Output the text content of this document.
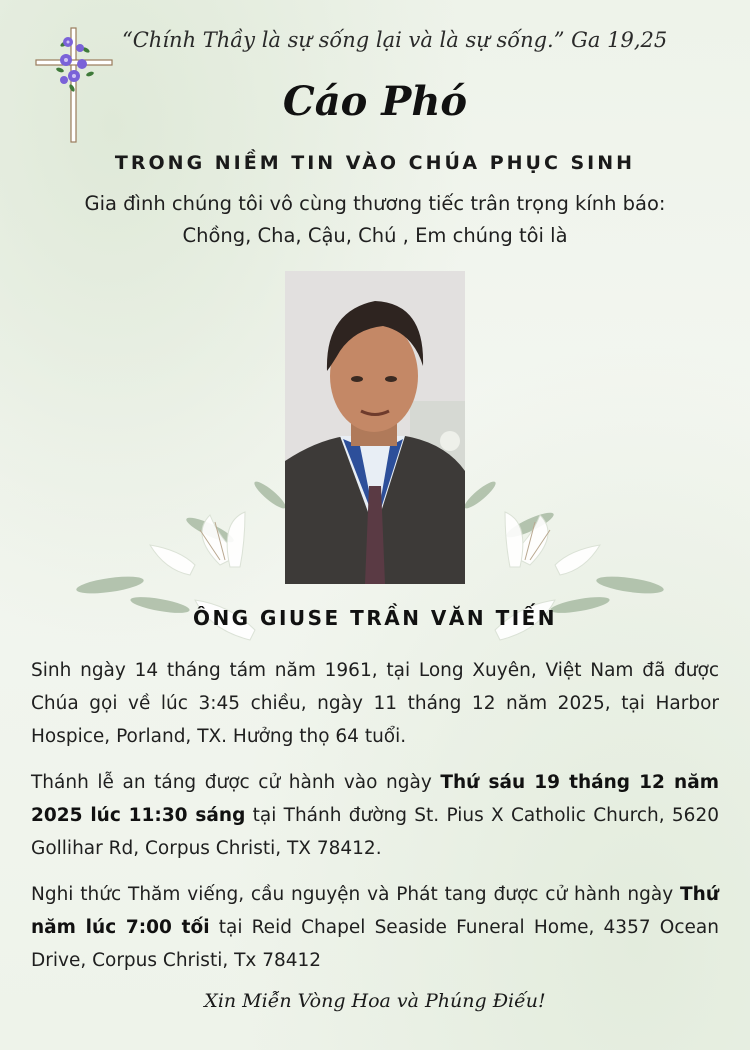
“Chính Thầy là sự sống lại và là sự sống.” Ga 19,25
Cáo Phó
TRONG NIỀM TIN VÀO CHÚA PHỤC SINH
Gia đình chúng tôi vô cùng thương tiếc trân trọng kính báo:
Chồng, Cha, Cậu, Chú , Em chúng tôi là
ÔNG GIUSE TRẦN VĂN TIẾN
Sinh ngày 14 tháng tám năm 1961, tại Long Xuyên, Việt Nam đã được Chúa gọi về lúc 3:45 chiều, ngày 11 tháng 12 năm 2025, tại Harbor Hospice, Porland, TX. Hưởng thọ 64 tuổi.
Thánh lễ an táng được cử hành vào ngày Thứ sáu 19 tháng 12 năm 2025 lúc 11:30 sáng tại Thánh đường St. Pius X Catholic Church, 5620 Gollihar Rd, Corpus Christi, TX 78412.
Nghi thức Thăm viếng, cầu nguyện và Phát tang được cử hành ngày Thứ năm lúc 7:00 tối tại Reid Chapel Seaside Funeral Home, 4357 Ocean Drive, Corpus Christi, Tx 78412
Xin Miễn Vòng Hoa và Phúng Điếu!
